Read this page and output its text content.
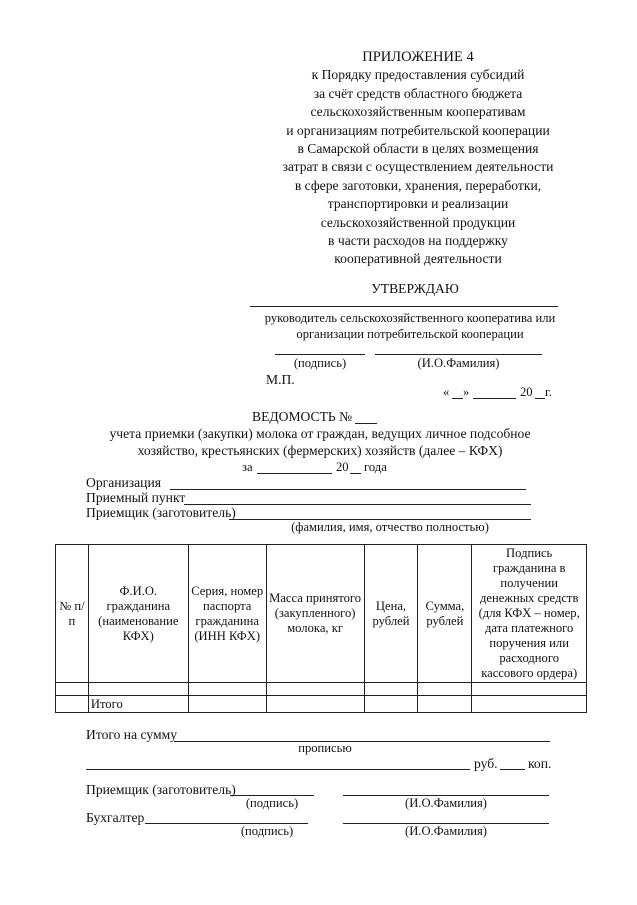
ПРИЛОЖЕНИЕ 4
к Порядку предоставления субсидий
за счёт средств областного бюджета
сельскохозяйственным кооперативам
и организациям потребительской кооперации
в Самарской области в целях возмещения
затрат в связи с осуществлением деятельности
в сфере заготовки, хранения, переработки,
транспортировки и реализации
сельскохозяйственной продукции
в части расходов на поддержку
кооперативной деятельности
УТВЕРЖДАЮ
руководитель сельскохозяйственного кооператива или
организации потребительской кооперации
(подпись)	(И.О.Фамилия)
М.П.
« »	20 г.
ВЕДОМОСТЬ №
учета приемки (закупки) молока от граждан, ведущих личное подсобное
хозяйство, крестьянских (фермерских) хозяйств (далее – КФХ)
за	20 года
Организация
Приемный пункт
Приемщик (заготовитель)
(фамилия, имя, отчество полностью)
№ п/п	Ф.И.О. гражданина (наименование КФХ)	Серия, номер паспорта гражданина (ИНН КФХ)	Масса принятого (закупленного) молока, кг	Цена, рублей	Сумма, рублей	Подпись гражданина в получении денежных средств (для КФХ – номер, дата платежного поручения или расходного кассового ордера)

	Итого					
Итого на сумму
прописью
руб. коп.
Приемщик (заготовитель)
(подпись)	(И.О.Фамилия)
Бухгалтер
(подпись)	(И.О.Фамилия)
